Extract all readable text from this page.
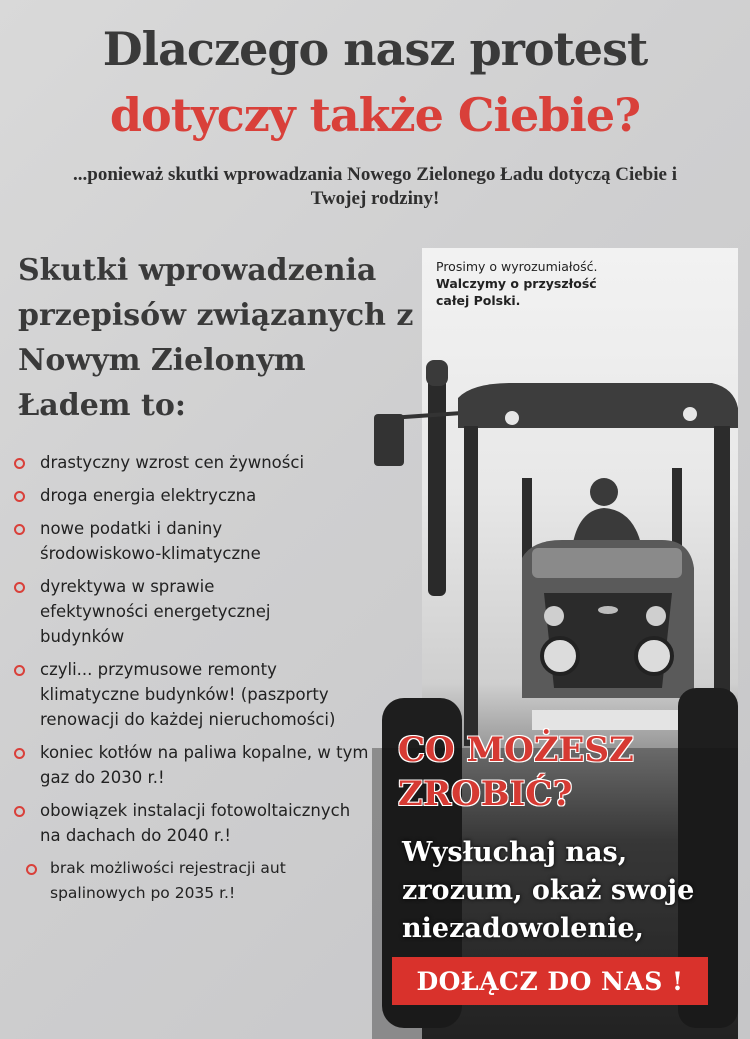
Dlaczego nasz protest
dotyczy także Ciebie?
...ponieważ skutki wprowadzania Nowego Zielonego Ładu dotyczą Ciebie i Twojej rodziny!
Skutki wprowadzenia przepisów związanych z Nowym Zielonym Ładem to:
drastyczny wzrost cen żywności
droga energia elektryczna
nowe podatki i daniny środowiskowo-klimatyczne
dyrektywa w sprawie efektywności energetycznej budynków
czyli... przymusowe remonty klimatyczne budynków! (paszporty renowacji do każdej nieruchomości)
koniec kotłów na paliwa kopalne, w tym gaz do 2030 r.!
obowiązek instalacji fotowoltaicznych na dachach do 2040 r.!
brak możliwości rejestracji aut spalinowych po 2035 r.!
Prosimy o wyrozumiałość.
Walczymy o przyszłość całej Polski.
CO MOŻESZ ZROBIĆ?
Wysłuchaj nas, zrozum, okaż swoje niezadowolenie,
DOŁĄCZ DO NAS !
